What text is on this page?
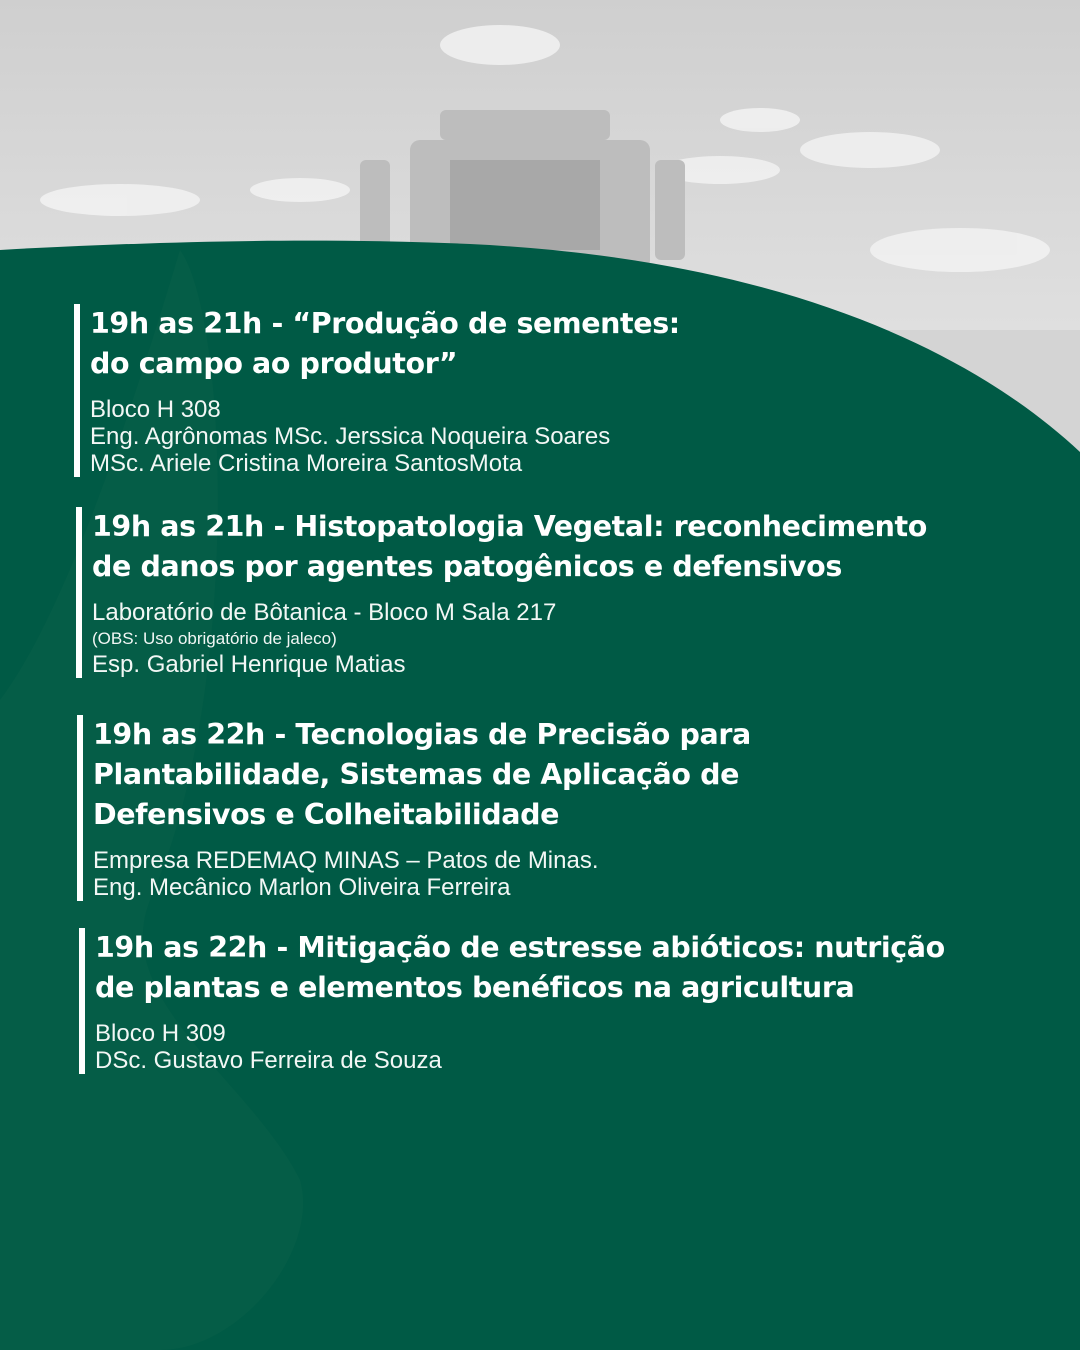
19h as 21h - “Produção de sementes:
do campo ao produtor”

Bloco H 308
Eng. Agrônomas MSc. Jerssica Noqueira Soares
MSc. Ariele Cristina Moreira SantosMota

19h as 21h - Histopatologia Vegetal: reconhecimento
de danos por agentes patogênicos e defensivos

Laboratório de Bôtanica - Bloco M Sala 217
(OBS: Uso obrigatório de jaleco)
Esp. Gabriel Henrique Matias

19h as 22h - Tecnologias de Precisão para
Plantabilidade, Sistemas de Aplicação de
Defensivos e Colheitabilidade

Empresa REDEMAQ MINAS – Patos de Minas.
Eng. Mecânico Marlon Oliveira Ferreira

19h as 22h - Mitigação de estresse abióticos: nutrição
de plantas e elementos benéficos na agricultura

Bloco H 309
DSc. Gustavo Ferreira de Souza
